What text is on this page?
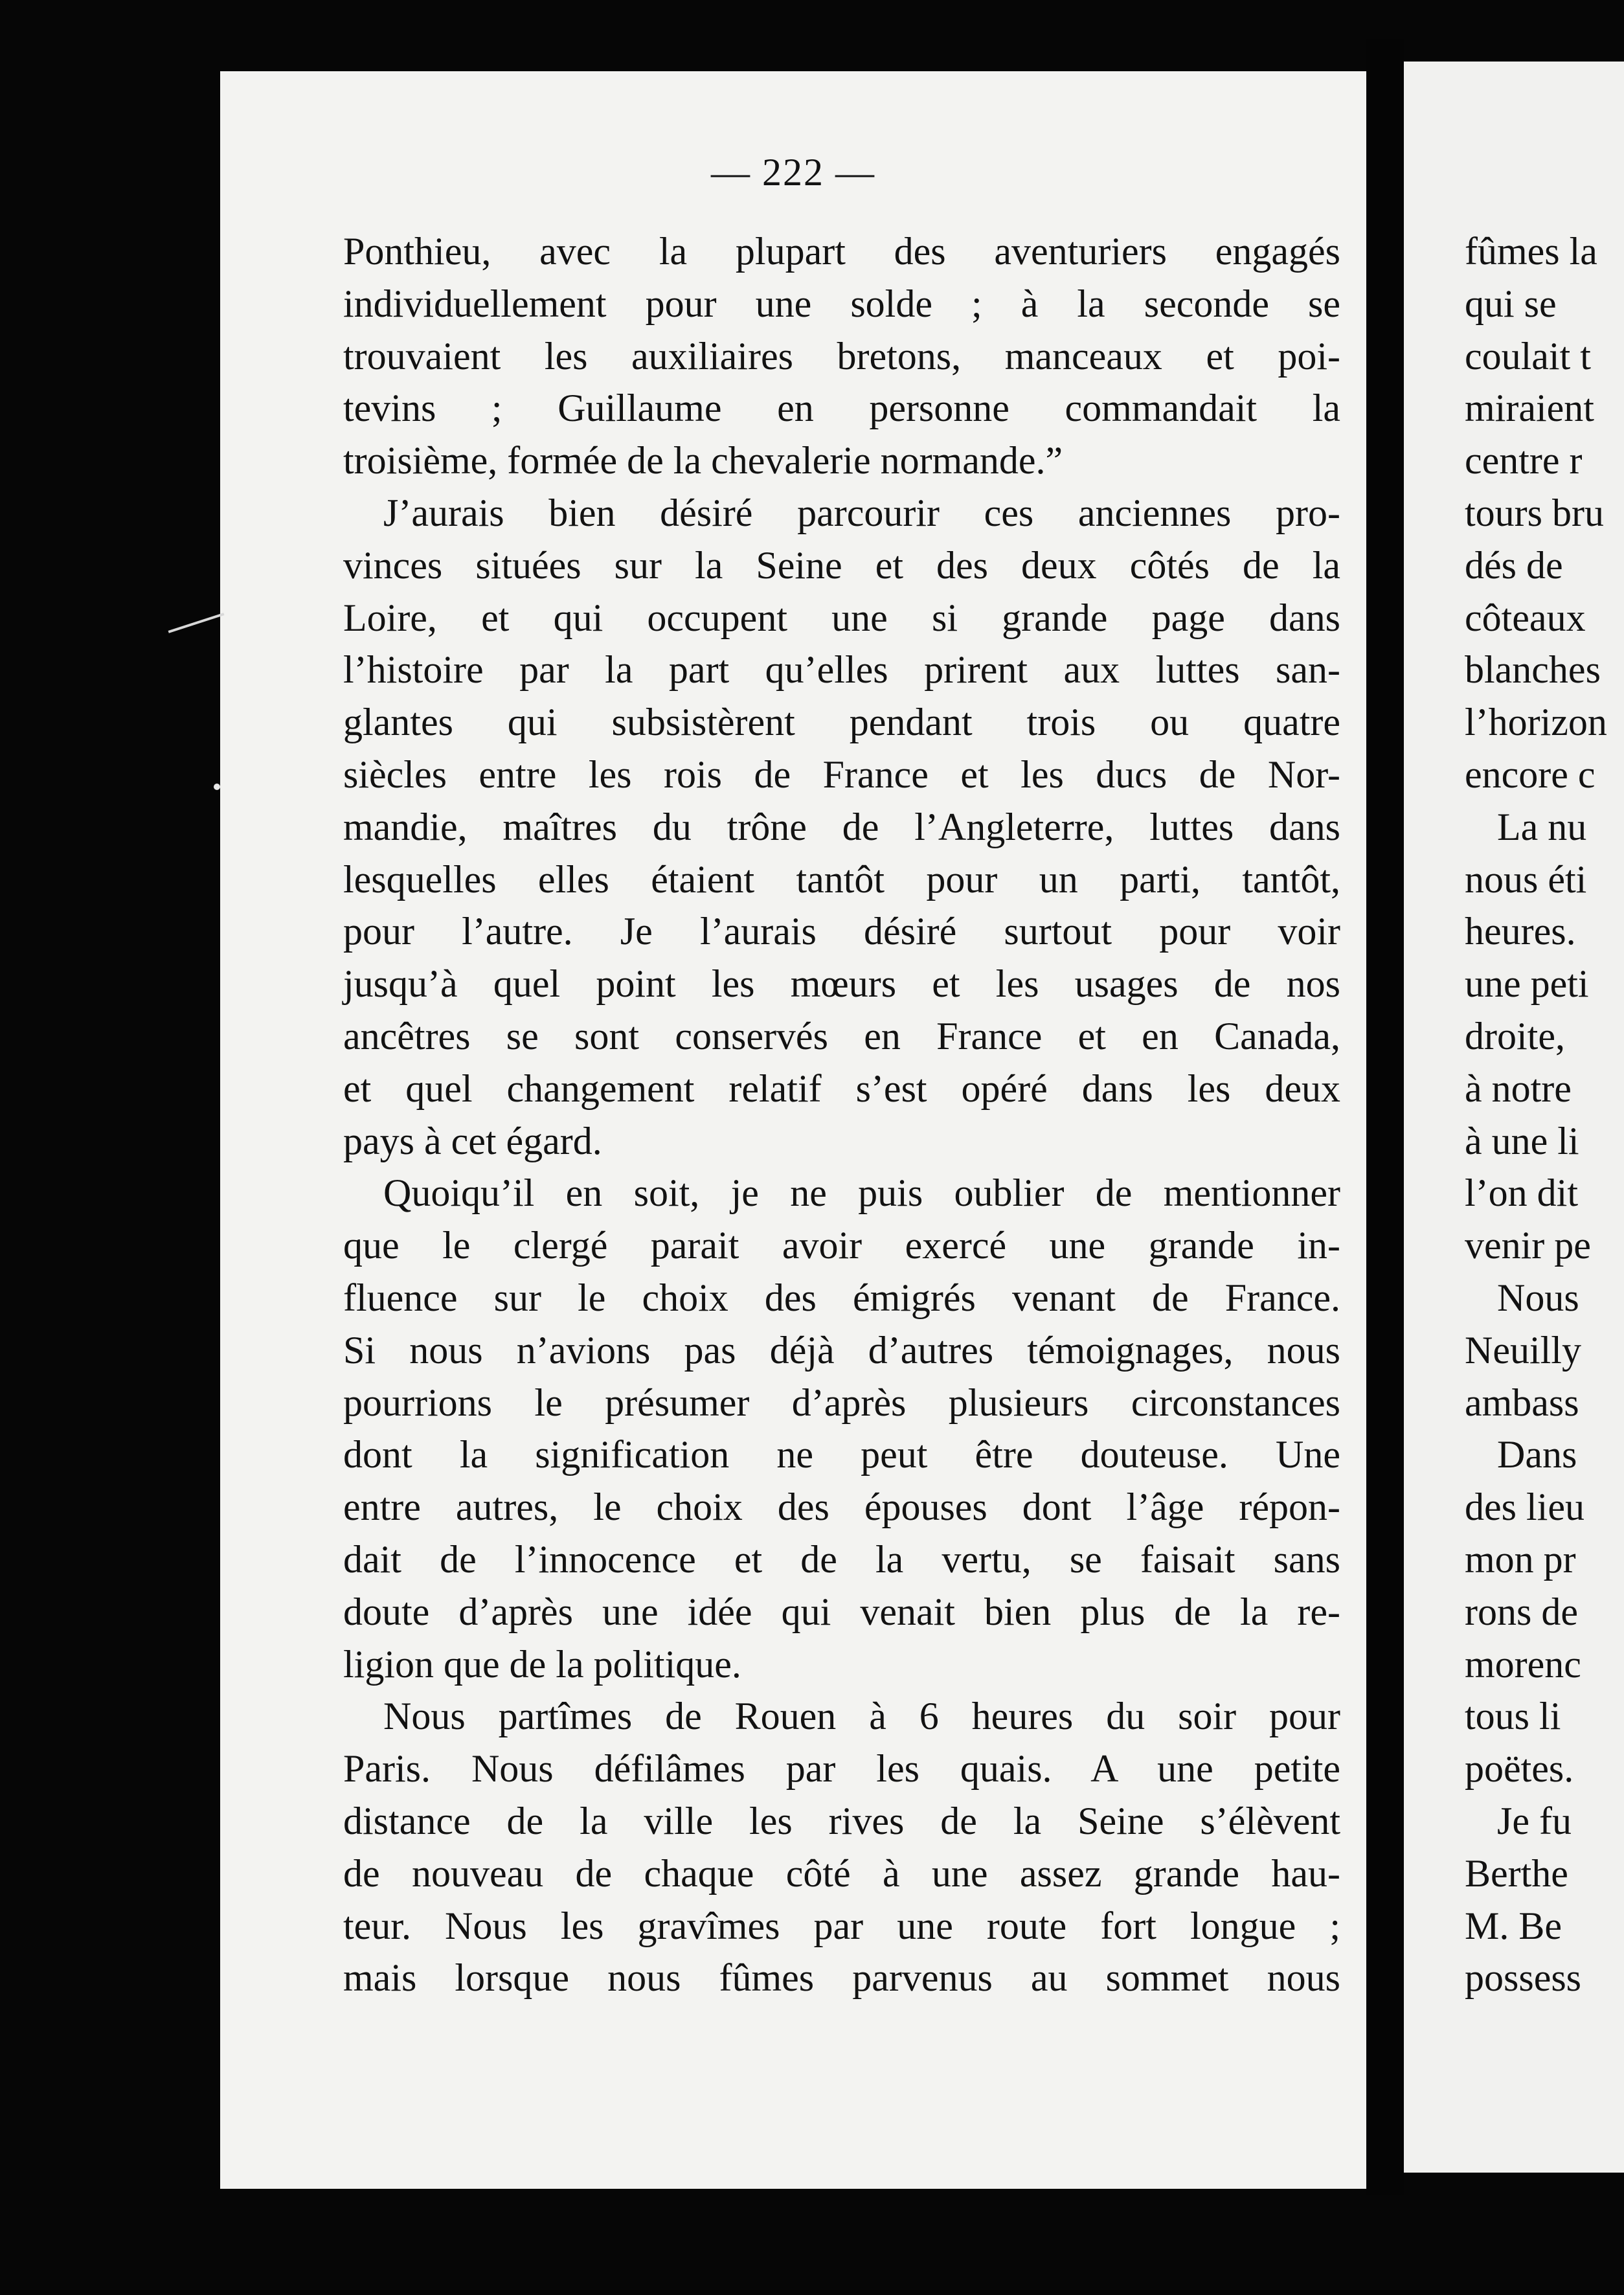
— 222 —
Ponthieu, avec la plupart des aventuriers engagés
individuellement pour une solde ; à la seconde se
trouvaient les auxiliaires bretons, manceaux et poi-
tevins ; Guillaume en personne commandait la
troisième, formée de la chevalerie normande.”
J’aurais bien désiré parcourir ces anciennes pro-
vinces situées sur la Seine et des deux côtés de la
Loire, et qui occupent une si grande page dans
l’histoire par la part qu’elles prirent aux luttes san-
glantes qui subsistèrent pendant trois ou quatre
siècles entre les rois de France et les ducs de Nor-
mandie, maîtres du trône de l’Angleterre, luttes dans
lesquelles elles étaient tantôt pour un parti, tantôt,
pour l’autre. Je l’aurais désiré surtout pour voir
jusqu’à quel point les mœurs et les usages de nos
ancêtres se sont conservés en France et en Canada,
et quel changement relatif s’est opéré dans les deux
pays à cet égard.
Quoiqu’il en soit, je ne puis oublier de mentionner
que le clergé parait avoir exercé une grande in-
fluence sur le choix des émigrés venant de France.
Si nous n’avions pas déjà d’autres témoignages, nous
pourrions le présumer d’après plusieurs circonstances
dont la signification ne peut être douteuse. Une
entre autres, le choix des épouses dont l’âge répon-
dait de l’innocence et de la vertu, se faisait sans
doute d’après une idée qui venait bien plus de la re-
ligion que de la politique.
Nous partîmes de Rouen à 6 heures du soir pour
Paris. Nous défilâmes par les quais. A une petite
distance de la ville les rives de la Seine s’élèvent
de nouveau de chaque côté à une assez grande hau-
teur. Nous les gravîmes par une route fort longue ;
mais lorsque nous fûmes parvenus au sommet nous
fûmes la
qui se
coulait t
miraient
centre r
tours bru
dés de
côteaux
blanches
l’horizon
encore c
La nu
nous éti
heures.
une peti
droite,
à notre
à une li
l’on dit
venir pe
Nous
Neuilly
ambass
Dans
des lieu
mon pr
rons de
morenc
tous li
poëtes.
Je fu
Berthe
M. Be
possess
